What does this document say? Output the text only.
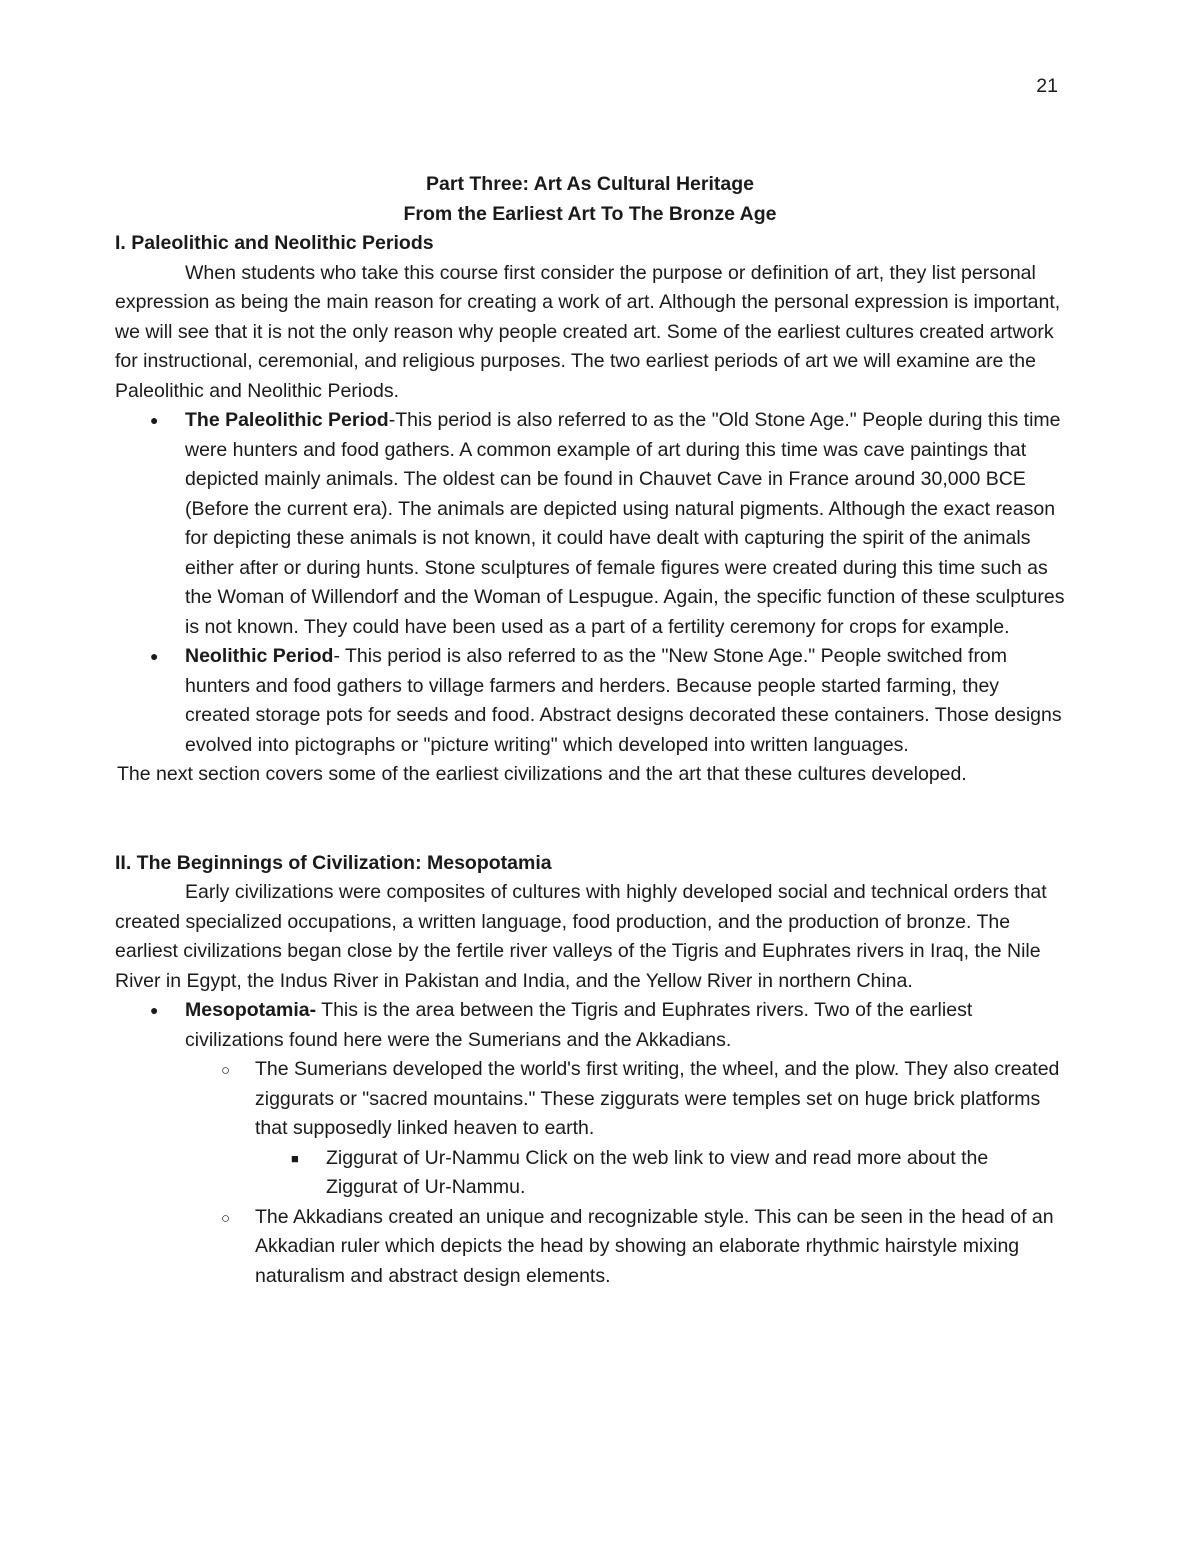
21

Part Three: Art As Cultural Heritage

From the Earliest Art To The Bronze Age

I. Paleolithic and Neolithic Periods

When students who take this course first consider the purpose or definition of art, they list personal expression as being the main reason for creating a work of art. Although the personal expression is important, we will see that it is not the only reason why people created art. Some of the earliest cultures created artwork for instructional, ceremonial, and religious purposes. The two earliest periods of art we will examine are the Paleolithic and Neolithic Periods.

● The Paleolithic Period-This period is also referred to as the "Old Stone Age." People during this time were hunters and food gathers. A common example of art during this time was cave paintings that depicted mainly animals. The oldest can be found in Chauvet Cave in France around 30,000 BCE (Before the current era). The animals are depicted using natural pigments. Although the exact reason for depicting these animals is not known, it could have dealt with capturing the spirit of the animals either after or during hunts. Stone sculptures of female figures were created during this time such as the Woman of Willendorf and the Woman of Lespugue. Again, the specific function of these sculptures is not known. They could have been used as a part of a fertility ceremony for crops for example.
● Neolithic Period- This period is also referred to as the "New Stone Age." People switched from hunters and food gathers to village farmers and herders. Because people started farming, they created storage pots for seeds and food. Abstract designs decorated these containers. Those designs evolved into pictographs or "picture writing" which developed into written languages.

The next section covers some of the earliest civilizations and the art that these cultures developed.

II. The Beginnings of Civilization: Mesopotamia

Early civilizations were composites of cultures with highly developed social and technical orders that created specialized occupations, a written language, food production, and the production of bronze. The earliest civilizations began close by the fertile river valleys of the Tigris and Euphrates rivers in Iraq, the Nile River in Egypt, the Indus River in Pakistan and India, and the Yellow River in northern China.

● Mesopotamia- This is the area between the Tigris and Euphrates rivers. Two of the earliest civilizations found here were the Sumerians and the Akkadians.
○ The Sumerians developed the world's first writing, the wheel, and the plow. They also created ziggurats or "sacred mountains." These ziggurats were temples set on huge brick platforms that supposedly linked heaven to earth.
■ Ziggurat of Ur-Nammu Click on the web link to view and read more about the Ziggurat of Ur-Nammu.
○ The Akkadians created an unique and recognizable style. This can be seen in the head of an Akkadian ruler which depicts the head by showing an elaborate rhythmic hairstyle mixing naturalism and abstract design elements.
